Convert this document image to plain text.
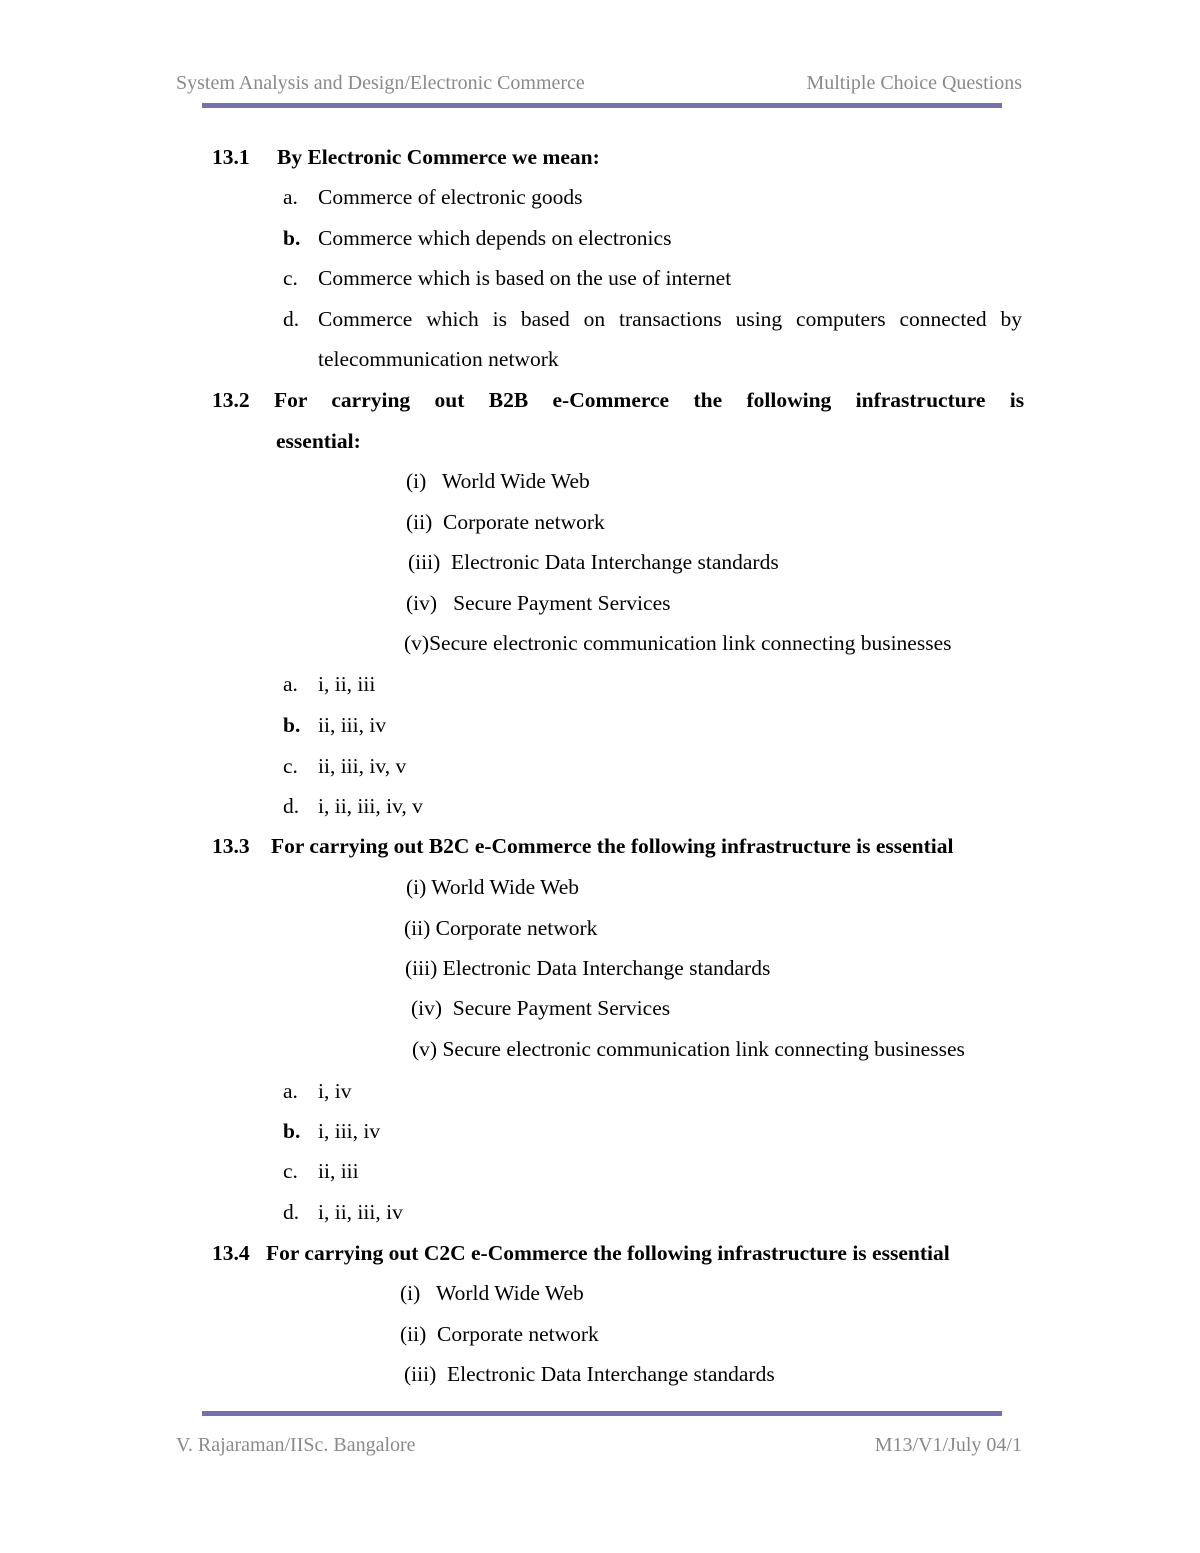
System Analysis and Design/Electronic Commerce	Multiple Choice Questions
13.1 By Electronic Commerce we mean:
a. Commerce of electronic goods
b. Commerce which depends on electronics
c. Commerce which is based on the use of internet
d. Commerce which is based on transactions using computers connected by
telecommunication network
13.2 For carrying out B2B e-Commerce the following infrastructure is
essential:
(i)   World Wide Web
(ii)  Corporate network
(iii)  Electronic Data Interchange standards
(iv)   Secure Payment Services
(v)Secure electronic communication link connecting businesses
a. i, ii, iii
b. ii, iii, iv
c. ii, iii, iv, v
d. i, ii, iii, iv, v
13.3 For carrying out B2C e-Commerce the following infrastructure is essential
(i) World Wide Web
(ii) Corporate network
(iii) Electronic Data Interchange standards
(iv)  Secure Payment Services
(v) Secure electronic communication link connecting businesses
a. i, iv
b. i, iii, iv
c. ii, iii
d. i, ii, iii, iv
13.4 For carrying out C2C e-Commerce the following infrastructure is essential
(i)   World Wide Web
(ii)  Corporate network
(iii)  Electronic Data Interchange standards
V. Rajaraman/IISc. Bangalore	M13/V1/July 04/1
